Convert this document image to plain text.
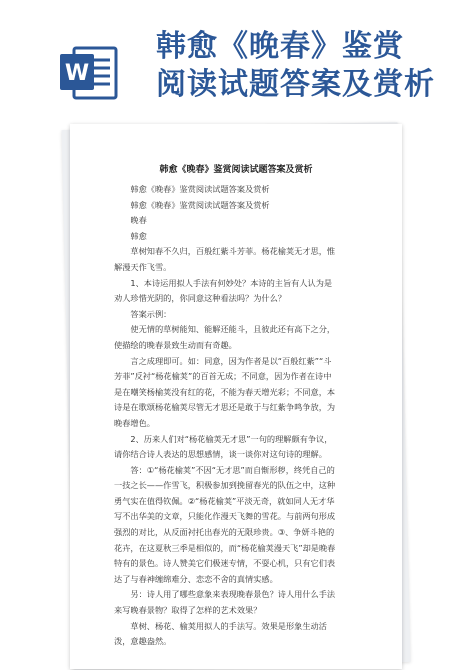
W
韩愈《晚春》鉴赏
阅读试题答案及赏析
韩愈《晚春》鉴赏阅读试题答案及赏析

韩愈《晚春》鉴赏阅读试题答案及赏析

韩愈《晚春》鉴赏阅读试题答案及赏析

晚春

韩愈

草树知春不久归，百般红紫斗芳菲。杨花榆荚无才思，惟解漫天作飞雪。

1、本诗运用拟人手法有何妙处？本诗的主旨有人认为是劝人珍惜光阴的，你同意这种看法吗？为什么？

答案示例：

使无情的草树能知、能解还能斗，且彼此还有高下之分，使描绘的晚春景致生动而有奇趣。

言之成理即可。如：同意，因为作者是以“百般红紫”“斗芳菲”反衬“杨花榆荚”的百首无成；不同意，因为作者在诗中是在嘲笑杨榆荚没有红的花，不能为春天增光彩；不同意，本诗是在歌颂杨花榆荚尽管无才思还是敢于与红紫争鸣争放，为晚春增色。

2、历来人们对“杨花榆荚无才思”一句的理解颇有争议，请你结合诗人表达的思想感情，谈一谈你对这句诗的理解。

答：①“杨花榆荚”不因“无才思”而自惭形秽，终凭自己的一技之长——作雪飞，积极参加到挽留春光的队伍之中，这种勇气实在值得钦佩。②“杨花榆荚”平淡无奇，就如同人无才华写不出华美的文章，只能化作漫天飞舞的雪花。与前两句形成强烈的对比，从反面衬托出春光的无限珍贵。③、争妍斗艳的花卉，在这夏秋三季是相似的，而“杨花榆荚漫天飞”却是晚春特有的景色。诗人赞美它们极迷专情，不耍心机，只有它们表达了与春神缠绵难分、恋恋不舍的真情实感。

另：诗人用了哪些意象来表现晚春景色？诗人用什么手法来写晚春景物？取得了怎样的艺术效果？

草树、杨花、榆荚用拟人的手法写。效果是形象生动活泼，意趣盎然。
